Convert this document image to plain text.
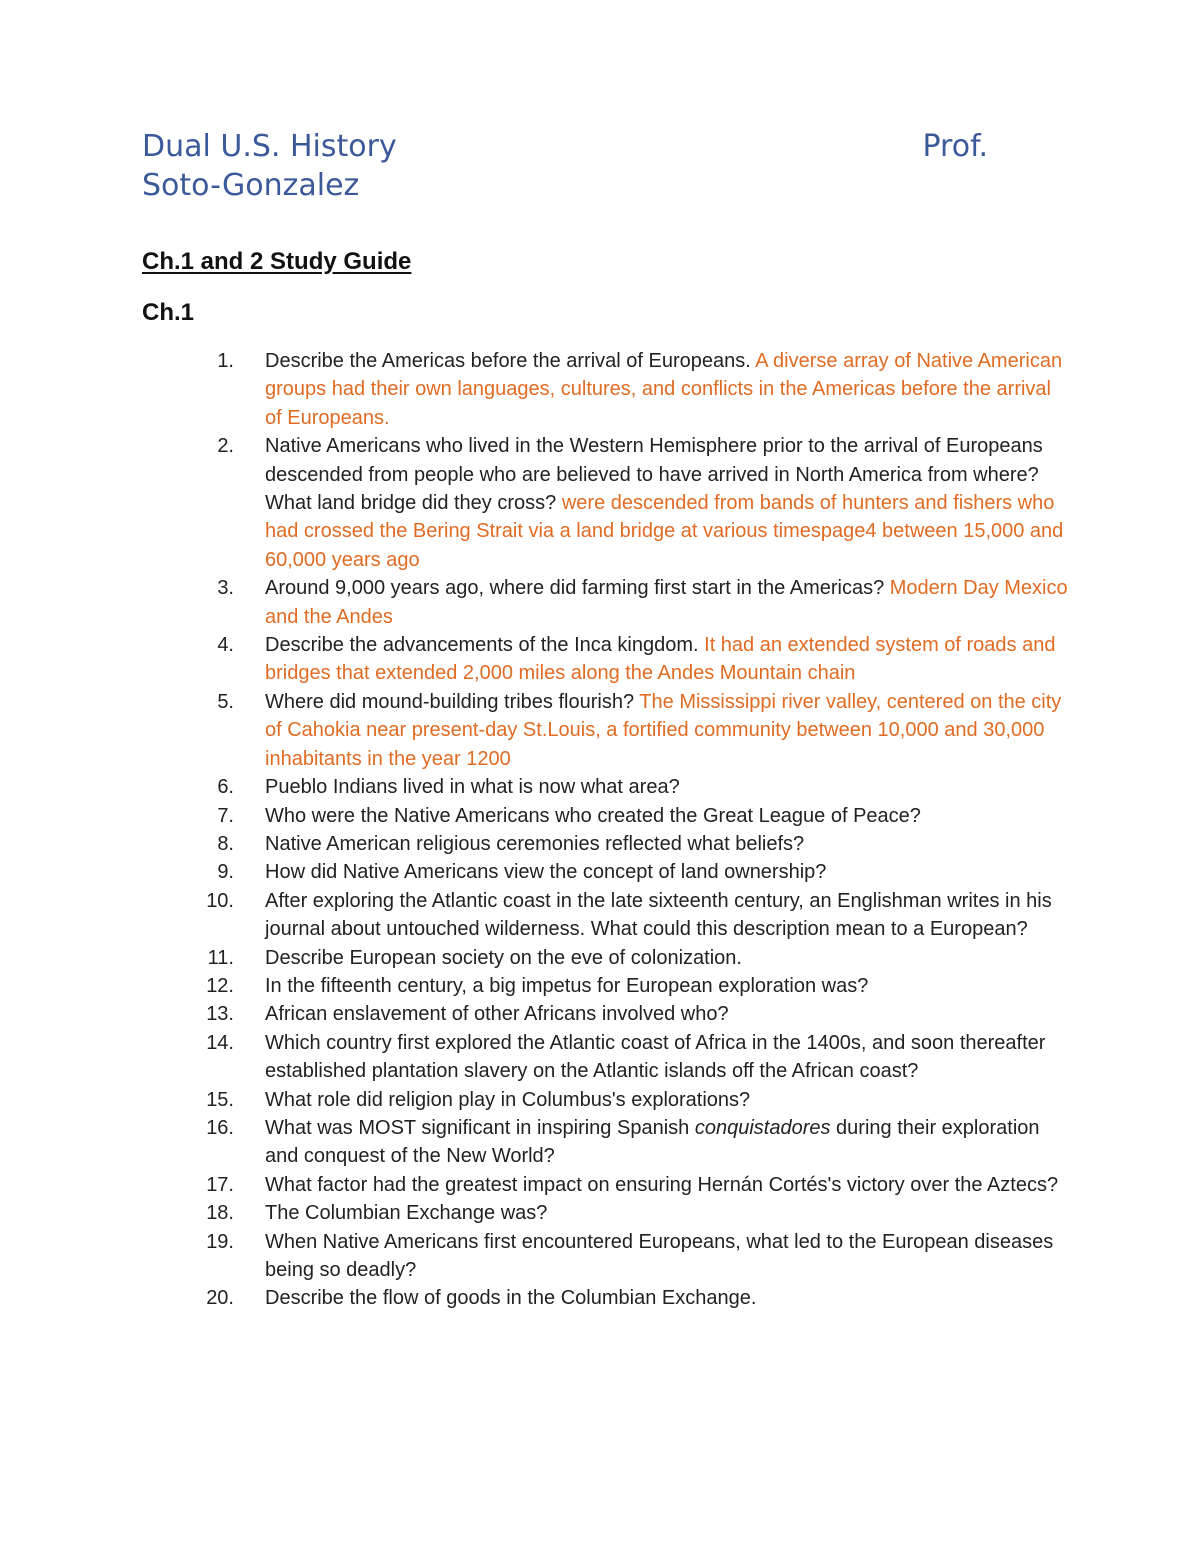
Dual U.S. History	Prof.
Soto-Gonzalez
Ch.1 and 2 Study Guide
Ch.1
1. Describe the Americas before the arrival of Europeans. A diverse array of Native American groups had their own languages, cultures, and conflicts in the Americas before the arrival of Europeans.
2. Native Americans who lived in the Western Hemisphere prior to the arrival of Europeans descended from people who are believed to have arrived in North America from where? What land bridge did they cross? were descended from bands of hunters and fishers who had crossed the Bering Strait via a land bridge at various timespage4 between 15,000 and 60,000 years ago
3. Around 9,000 years ago, where did farming first start in the Americas? Modern Day Mexico and the Andes
4. Describe the advancements of the Inca kingdom. It had an extended system of roads and bridges that extended 2,000 miles along the Andes Mountain chain
5. Where did mound-building tribes flourish? The Mississippi river valley, centered on the city of Cahokia near present-day St.Louis, a fortified community between 10,000 and 30,000 inhabitants in the year 1200
6. Pueblo Indians lived in what is now what area?
7. Who were the Native Americans who created the Great League of Peace?
8. Native American religious ceremonies reflected what beliefs?
9. How did Native Americans view the concept of land ownership?
10. After exploring the Atlantic coast in the late sixteenth century, an Englishman writes in his journal about untouched wilderness. What could this description mean to a European?
11. Describe European society on the eve of colonization.
12. In the fifteenth century, a big impetus for European exploration was?
13. African enslavement of other Africans involved who?
14. Which country first explored the Atlantic coast of Africa in the 1400s, and soon thereafter established plantation slavery on the Atlantic islands off the African coast?
15. What role did religion play in Columbus's explorations?
16. What was MOST significant in inspiring Spanish conquistadores during their exploration and conquest of the New World?
17. What factor had the greatest impact on ensuring Hernán Cortés's victory over the Aztecs?
18. The Columbian Exchange was?
19. When Native Americans first encountered Europeans, what led to the European diseases being so deadly?
20. Describe the flow of goods in the Columbian Exchange.
